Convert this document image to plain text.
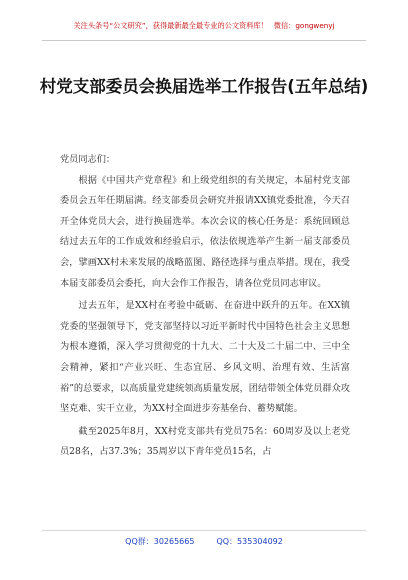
关注头条号“公文研究”，获得最新最全最专业的公文资料库！ 微信：gongwenyj
村党支部委员会换届选举工作报告(五年总结)

党员同志们：

根据《中国共产党章程》和上级党组织的有关规定，本届村党支部委员会五年任期届满。经支部委员会研究并报请XX镇党委批准，今天召开全体党员大会，进行换届选举。本次会议的核心任务是：系统回顾总结过去五年的工作成效和经验启示，依法依规选举产生新一届支部委员会，擘画XX村未来发展的战略蓝图、路径选择与重点举措。现在，我受本届支部委员会委托，向大会作工作报告，请各位党员同志审议。

过去五年，是XX村在考验中砥砺、在奋进中跃升的五年。在XX镇党委的坚强领导下，党支部坚持以习近平新时代中国特色社会主义思想为根本遵循，深入学习贯彻党的十九大、二十大及二十届二中、三中全会精神，紧扣“产业兴旺、生态宜居、乡风文明、治理有效、生活富裕”的总要求，以高质量党建统领高质量发展，团结带领全体党员群众攻坚克难、实干立业，为XX村全面进步夯基垒台、蓄势赋能。

截至2025年8月，XX村党支部共有党员75名：60周岁及以上老党员28名，占37.3%；35周岁以下青年党员15名，占

QQ群：30265665	QQ：535304092
